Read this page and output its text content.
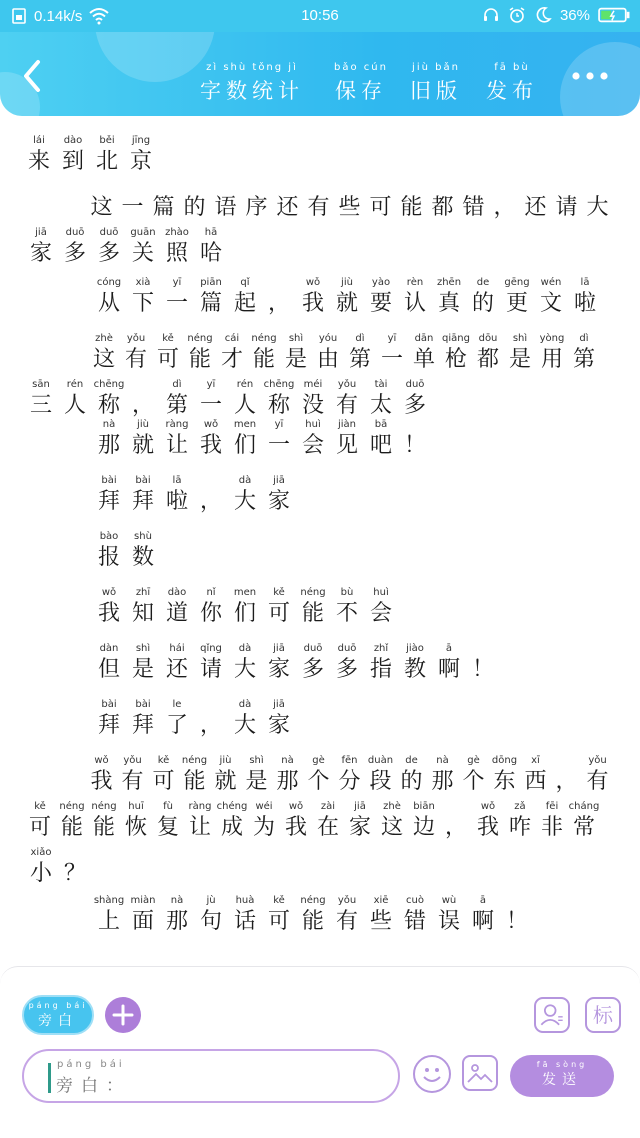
0.14k/s	10:56	36%
zì shù tǒng jì
字数统计
bǎo cún
保存
jiù bǎn
旧版
fā bù
发布
lái
来
dào
到
běi
北
jīng
京

这 一 篇 的 语 序 还 有 些 可 能 都 错 ， 还 请 大
jiā
家
duō
多
duō
多
guān
关
zhào
照
hā
哈

cóng
从
xià
下
yī
一
piān
篇
qǐ
起 ，
wǒ
我
jiù
就
yào
要
rèn
认
zhēn
真
de
的
gēng
更
wén
文
lā
啦

zhè
这
yǒu
有
kě
可
néng
能
cái
才
néng
能
shì
是
yóu
由
dì
第
yī
一
dān
单
qiāng
枪
dōu
都
shì
是
yòng
用
dì
第
sān
三
rén
人
chēng
称 ，
dì
第
yī
一
rén
人
chēng
称
méi
没
yǒu
有
tài
太
duō
多

nà
那
jiù
就
ràng
让
wǒ
我
men
们
yī
一
huì
会
jiàn
见
bā
吧 ！

bài
拜
bài
拜
lā
啦 ，
dà
大
jiā
家

bào
报
shù
数

wǒ
我
zhī
知
dào
道
nǐ
你
men
们
kě
可
néng
能
bù
不
huì
会

dàn
但
shì
是
hái
还
qǐng
请
dà
大
jiā
家
duō
多
duō
多
zhǐ
指
jiào
教
ā
啊 ！

bài
拜
bài
拜
le
了 ，
dà
大
jiā
家

wǒ
我
yǒu
有
kě
可
néng
能
jiù
就
shì
是
nà
那
gè
个
fēn
分
duàn
段
de
的
nà
那
gè
个
dōng
东
xī
西 ，
yǒu
有
kě
可
néng
能
néng
能
huī
恢
fù
复
ràng
让
chéng
成
wéi
为
wǒ
我
zài
在
jiā
家
zhè
这
biān
边 ，
wǒ
我
zǎ
咋
fēi
非
cháng
常
xiǎo
小 ？

shàng
上
miàn
面
nà
那
jù
句
huà
话
kě
可
néng
能
yǒu
有
xiē
些
cuò
错
wù
误
ā
啊 ！
páng bái
旁白	标
páng bái
旁白：
fā sòng
发送
